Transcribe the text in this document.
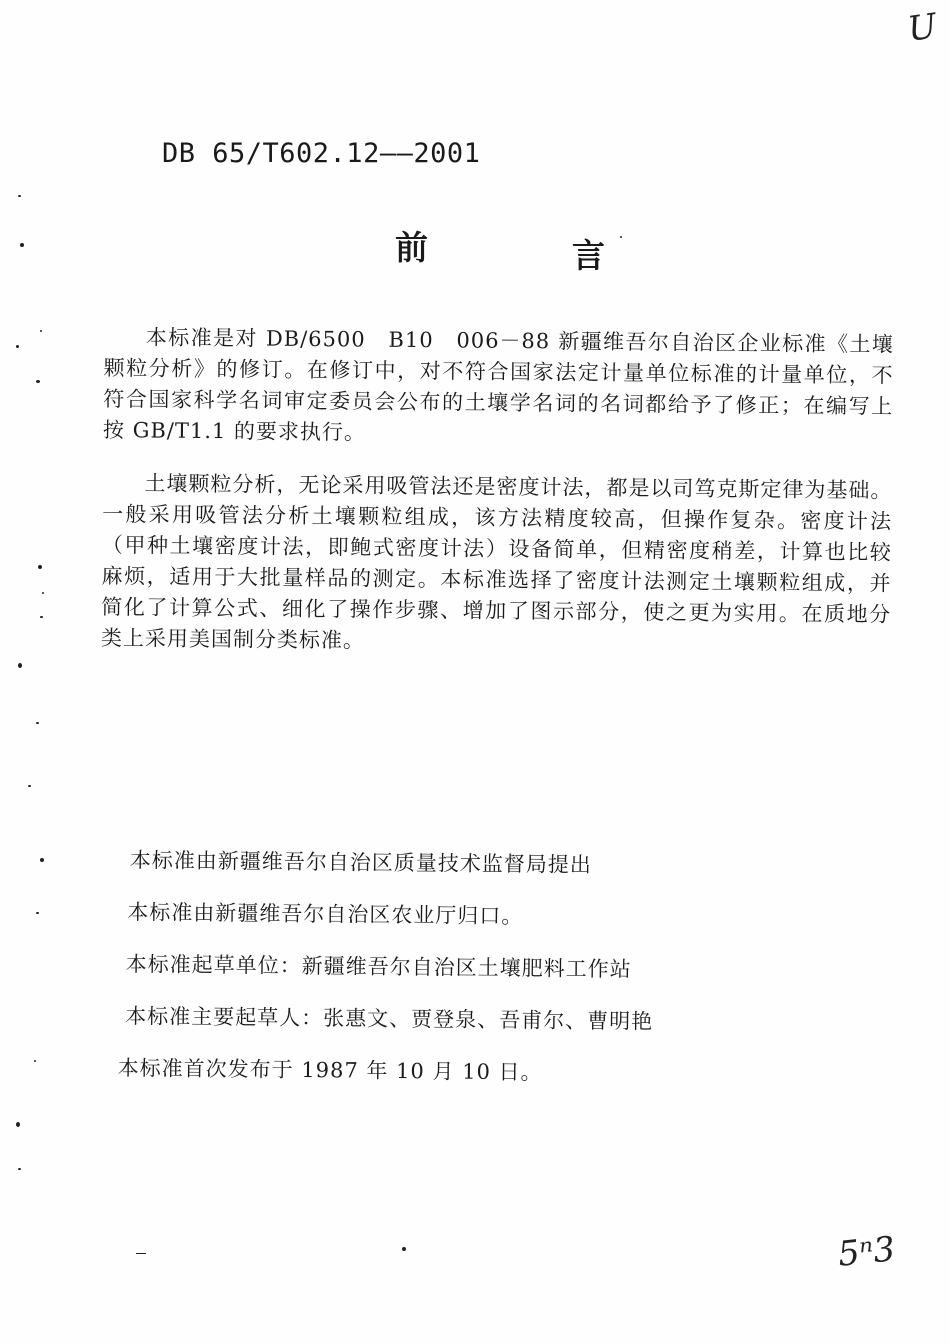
U
DB 65/T602.12——2001
前	言

本标准是对 DB/6500　B10　006－88 新疆维吾尔自治区企业标准《土壤颗粒分析》的修订。在修订中，对不符合国家法定计量单位标准的计量单位，不符合国家科学名词审定委员会公布的土壤学名词的名词都给予了修正；在编写上按 GB/T1.1 的要求执行。

土壤颗粒分析，无论采用吸管法还是密度计法，都是以司笃克斯定律为基础。一般采用吸管法分析土壤颗粒组成，该方法精度较高，但操作复杂。密度计法（甲种土壤密度计法，即鲍式密度计法）设备简单，但精密度稍差，计算也比较麻烦，适用于大批量样品的测定。本标准选择了密度计法测定土壤颗粒组成，并简化了计算公式、细化了操作步骤、增加了图示部分，使之更为实用。在质地分类上采用美国制分类标准。

本标准由新疆维吾尔自治区质量技术监督局提出
本标准由新疆维吾尔自治区农业厅归口。
本标准起草单位：新疆维吾尔自治区土壤肥料工作站
本标准主要起草人：张惠文、贾登泉、吾甫尔、曹明艳
本标准首次发布于 1987 年 10 月 10 日。
5ⁿ3
